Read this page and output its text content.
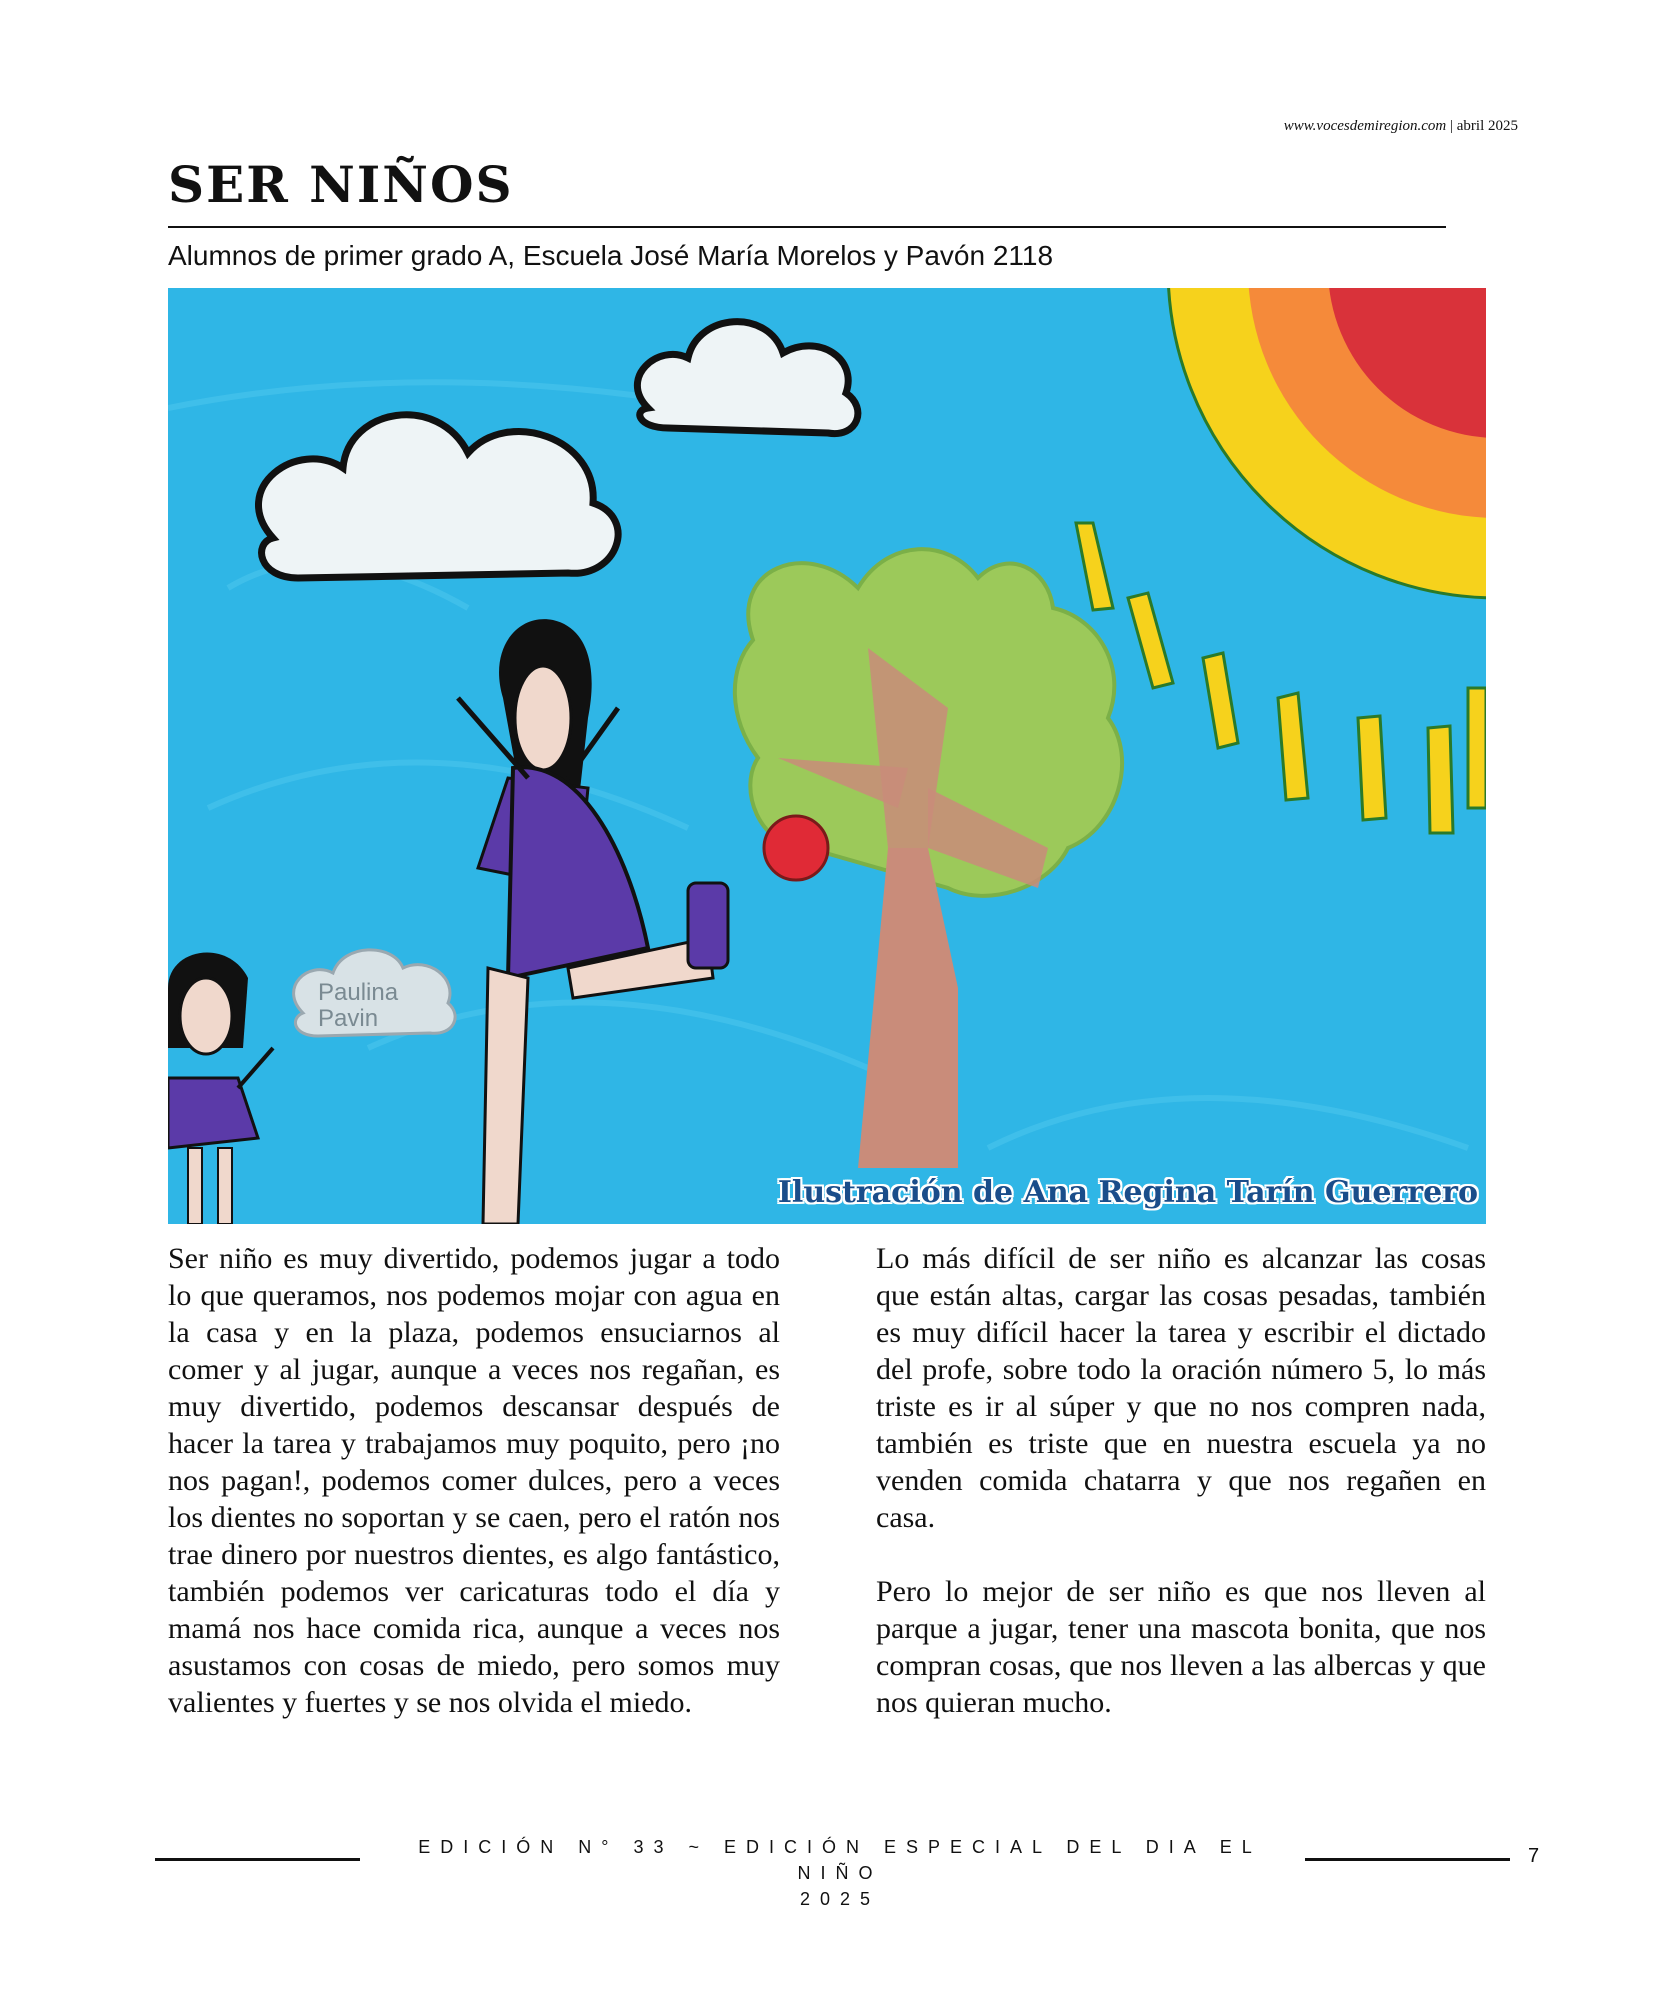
www.vocesdemiregion.com | abril 2025
SER NIÑOS
Alumnos de primer grado A, Escuela José María Morelos y Pavón 2118
Paulina
Pavin
Ilustración de Ana Regina Tarín Guerrero

Ser niño es muy divertido, podemos jugar a todo lo que queramos, nos podemos mojar con agua en la casa y en la plaza, podemos ensuciarnos al comer y al jugar, aunque a veces nos regañan, es muy divertido, podemos descansar después de hacer la tarea y trabajamos muy poquito, pero ¡no nos pagan!, podemos comer dulces, pero a veces los dientes no soportan y se caen, pero el ratón nos trae dinero por nuestros dientes, es algo fantástico, también podemos ver caricaturas todo el día y mamá nos hace comida rica, aunque a veces nos asustamos con cosas de miedo, pero somos muy valientes y fuertes y se nos olvida el miedo.

Lo más difícil de ser niño es alcanzar las cosas que están altas, cargar las cosas pesadas, también es muy difícil hacer la tarea y escribir el dictado del profe, sobre todo la oración número 5, lo más triste es ir al súper y que no nos compren nada, también es triste que en nuestra escuela ya no venden comida chatarra y que nos regañen en casa.

Pero lo mejor de ser niño es que nos lleven al parque a jugar, tener una mascota bonita, que nos compran cosas, que nos lleven a las albercas y que nos quieran mucho.

EDICIÓN N° 33 ~ EDICIÓN ESPECIAL DEL DIA EL NIÑO
2025
7
